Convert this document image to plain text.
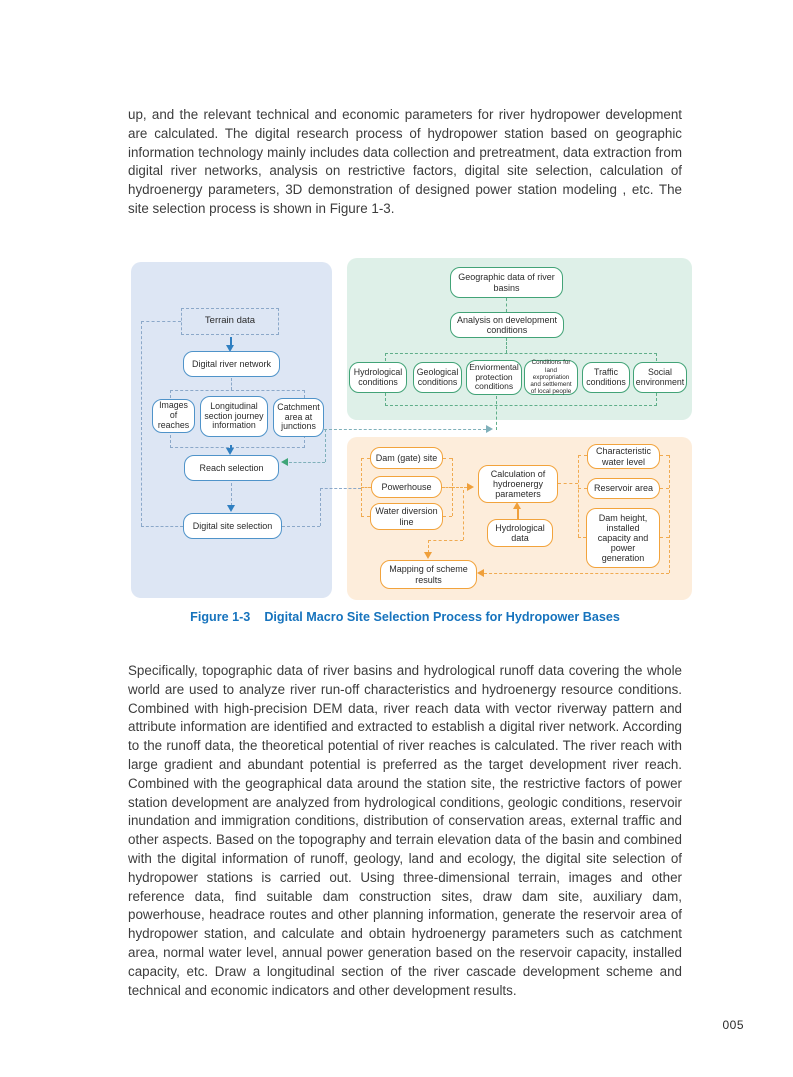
up, and the relevant technical and economic parameters for river hydropower development are calculated. The digital research process of hydropower station based on geographic information technology mainly includes data collection and pretreatment, data extraction from digital river networks, analysis on restrictive factors, digital site selection, calculation of hydroenergy parameters, 3D demonstration of designed power station modeling , etc. The site selection process is shown in Figure 1-3.

Terrain data
Digital river network
Images of reaches
Longitudinal section journey information
Catchment area at junctions
Reach selection
Digital site selection
Geographic data of river basins
Analysis on development conditions
Hydrological conditions
Geological conditions
Enviormental protection conditions
Conditions for land expropriation and settlement of local people
Traffic conditions
Social environment
Dam (gate) site
Powerhouse
Water diversion line
Calculation of hydroenergy parameters
Hydrological data
Characteristic water level
Reservoir area
Dam height, installed capacity and power generation
Mapping of scheme results
Figure 1-3 Digital Macro Site Selection Process for Hydropower Bases

Specifically, topographic data of river basins and hydrological runoff data covering the whole world are used to analyze river run-off characteristics and hydroenergy resource conditions. Combined with high-precision DEM data, river reach data with vector riverway pattern and attribute information are identified and extracted to establish a digital river network. According to the runoff data, the theoretical potential of river reaches is calculated. The river reach with large gradient and abundant potential is preferred as the target development river reach. Combined with the geographical data around the station site, the restrictive factors of power station development are analyzed from hydrological conditions, geologic conditions, reservoir inundation and immigration conditions, distribution of conservation areas, external traffic and other aspects. Based on the topography and terrain elevation data of the basin and combined with the digital information of runoff, geology, land and ecology, the digital site selection of hydropower stations is carried out. Using three-dimensional terrain, images and other reference data, find suitable dam construction sites, draw dam site, auxiliary dam, powerhouse, headrace routes and other planning information, generate the reservoir area of hydropower station, and calculate and obtain hydroenergy parameters such as catchment area, normal water level, annual power generation based on the reservoir capacity, installed capacity, etc. Draw a longitudinal section of the river cascade development scheme and technical and economic indicators and other development results.

005
